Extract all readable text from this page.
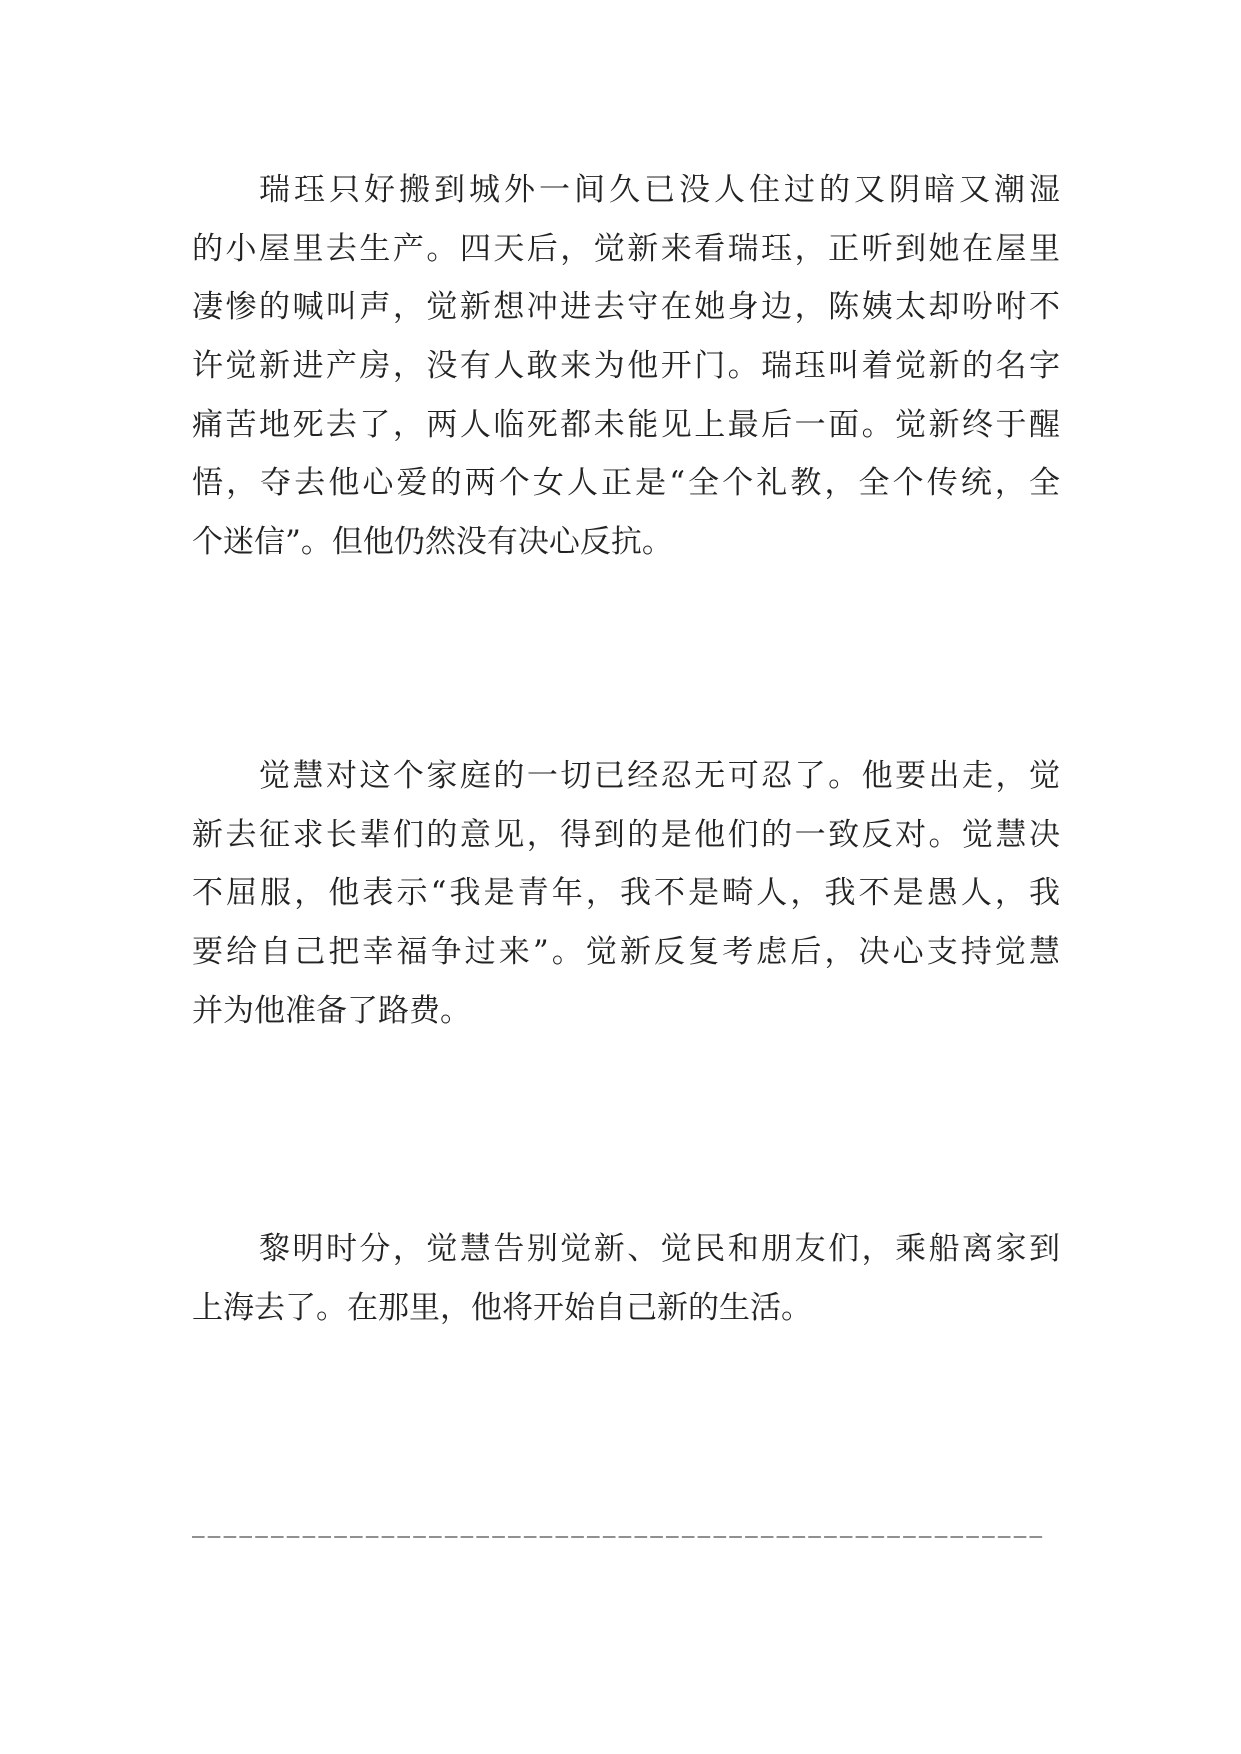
瑞珏只好搬到城外一间久已没人住过的又阴暗又潮湿
的小屋里去生产。四天后，觉新来看瑞珏，正听到她在屋里
凄惨的喊叫声，觉新想冲进去守在她身边，陈姨太却吩咐不
许觉新进产房，没有人敢来为他开门。瑞珏叫着觉新的名字
痛苦地死去了，两人临死都未能见上最后一面。觉新终于醒
悟，夺去他心爱的两个女人正是“全个礼教，全个传统，全
个迷信”。但他仍然没有决心反抗。
觉慧对这个家庭的一切已经忍无可忍了。他要出走，觉
新去征求长辈们的意见，得到的是他们的一致反对。觉慧决
不屈服，他表示“我是青年，我不是畸人，我不是愚人，我
要给自己把幸福争过来”。觉新反复考虑后，决心支持觉慧
并为他准备了路费。
黎明时分，觉慧告别觉新、觉民和朋友们，乘船离家到
上海去了。在那里，他将开始自己新的生活。
______________________________________________________
